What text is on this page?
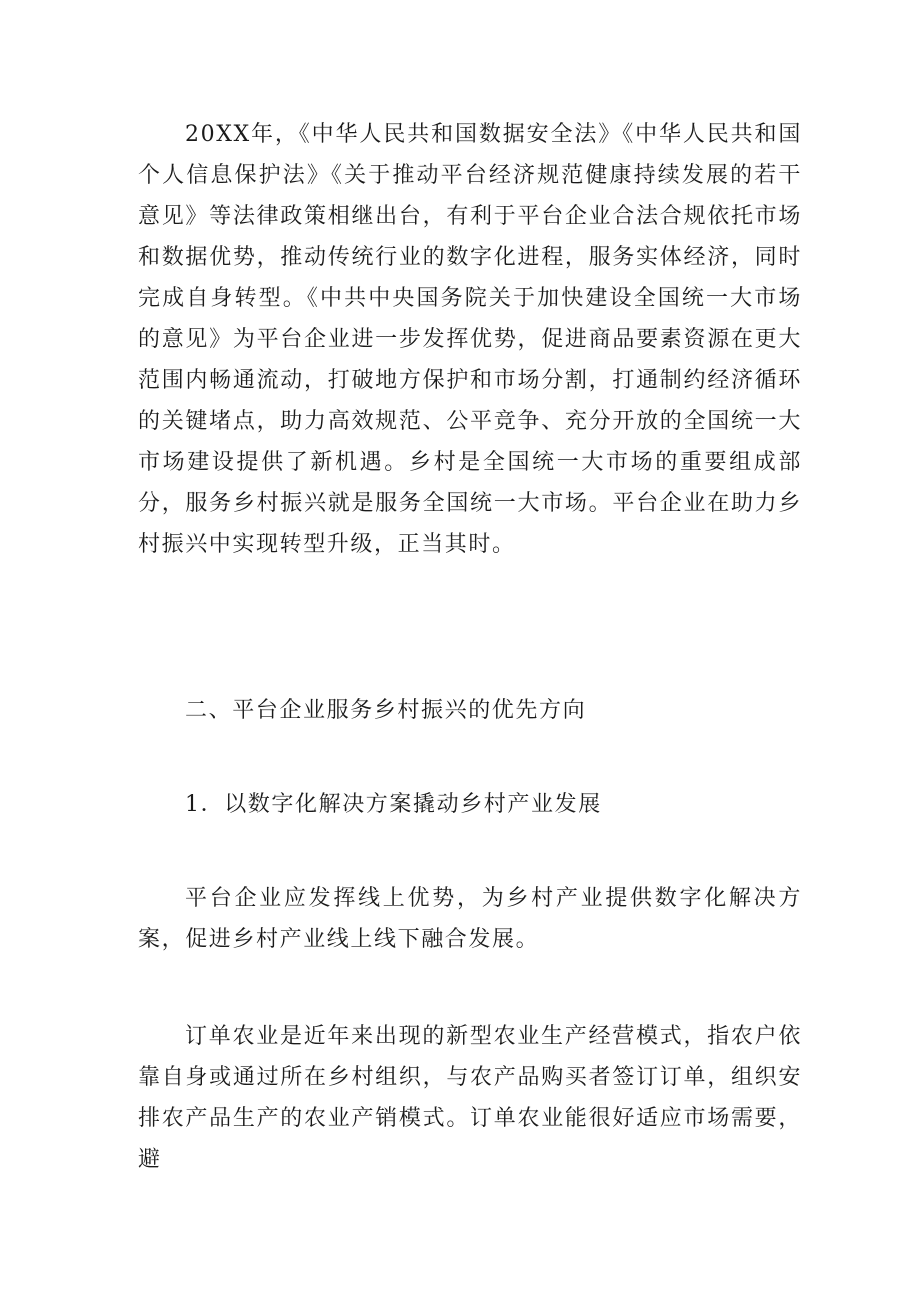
20XX年，《中华人民共和国数据安全法》《中华人民共和国个人信息保护法》《关于推动平台经济规范健康持续发展的若干意见》等法律政策相继出台，有利于平台企业合法合规依托市场和数据优势，推动传统行业的数字化进程，服务实体经济，同时完成自身转型。《中共中央国务院关于加快建设全国统一大市场的意见》为平台企业进一步发挥优势，促进商品要素资源在更大范围内畅通流动，打破地方保护和市场分割，打通制约经济循环的关键堵点，助力高效规范、公平竞争、充分开放的全国统一大市场建设提供了新机遇。乡村是全国统一大市场的重要组成部分，服务乡村振兴就是服务全国统一大市场。平台企业在助力乡村振兴中实现转型升级，正当其时。

二、平台企业服务乡村振兴的优先方向

1．以数字化解决方案撬动乡村产业发展

平台企业应发挥线上优势，为乡村产业提供数字化解决方案，促进乡村产业线上线下融合发展。

订单农业是近年来出现的新型农业生产经营模式，指农户依靠自身或通过所在乡村组织，与农产品购买者签订订单，组织安排农产品生产的农业产销模式。订单农业能很好适应市场需要，避
